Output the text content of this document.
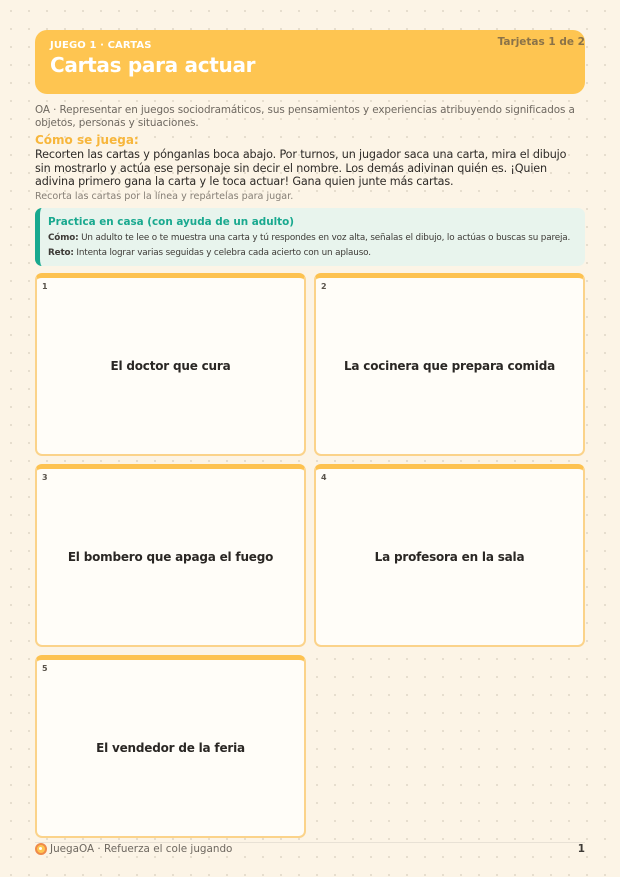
JUEGO 1 · CARTAS
Cartas para actuar
Tarjetas 1 de 2
OA · Representar en juegos sociodramáticos, sus pensamientos y experiencias atribuyendo significados a objetos, personas y situaciones.
Cómo se juega:
Recorten las cartas y pónganlas boca abajo. Por turnos, un jugador saca una carta, mira el dibujo sin mostrarlo y actúa ese personaje sin decir el nombre. Los demás adivinan quién es. ¡Quien adivina primero gana la carta y le toca actuar! Gana quien junte más cartas.
Recorta las cartas por la línea y repártelas para jugar.
Practica en casa (con ayuda de un adulto)
Cómo: Un adulto te lee o te muestra una carta y tú respondes en voz alta, señalas el dibujo, lo actúas o buscas su pareja.
Reto: Intenta lograr varias seguidas y celebra cada acierto con un aplauso.
1
El doctor que cura
2
La cocinera que prepara comida
3
El bombero que apaga el fuego
4
La profesora en la sala
5
El vendedor de la feria
JuegaOA · Refuerza el cole jugando	1
